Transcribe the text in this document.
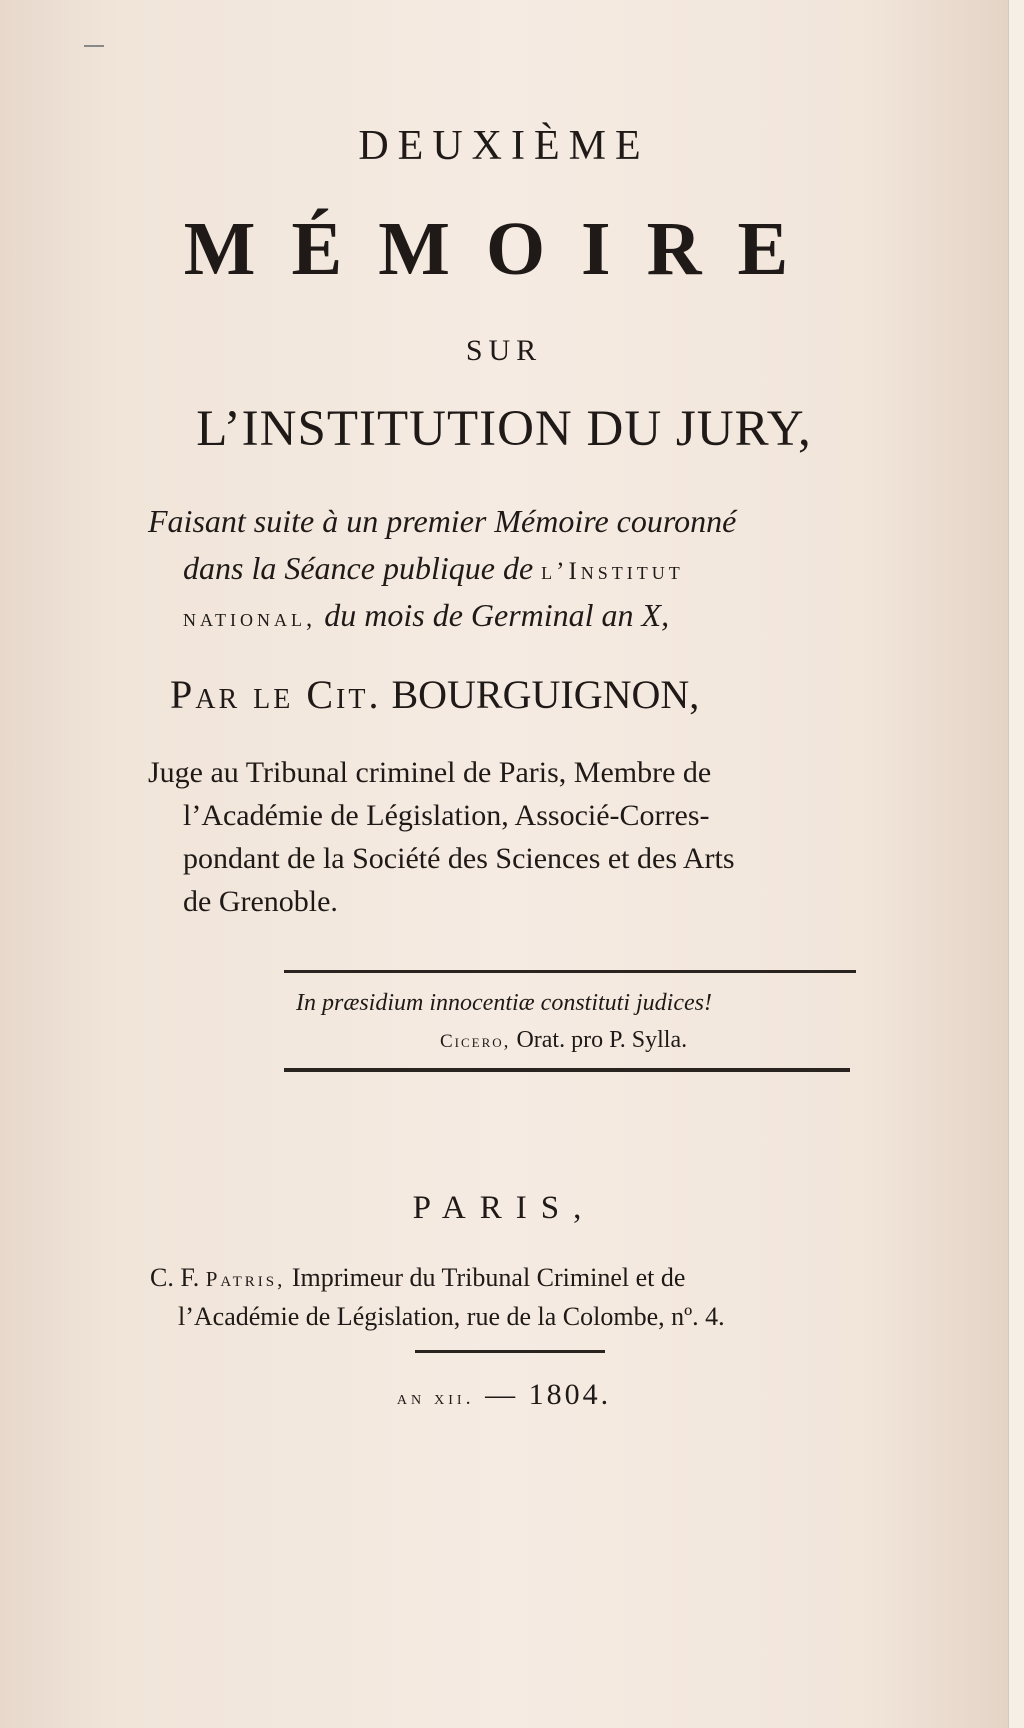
DEUXIÈME
MÉMOIRE
SUR
L’INSTITUTION DU JURY,
Faisant suite à un premier Mémoire couronné
dans la Séance publique de l’Institut
national, du mois de Germinal an X,
Par le Cit. BOURGUIGNON,
Juge au Tribunal criminel de Paris, Membre de
l’Académie de Législation, Associé-Corres-
pondant de la Société des Sciences et des Arts
de Grenoble.
In præsidium innocentiæ constituti judices!
Cicero, Orat. pro P. Sylla.
PARIS,
C. F. Patris, Imprimeur du Tribunal Criminel et de
l’Académie de Législation, rue de la Colombe, nº. 4.
an xii. — 1804.
